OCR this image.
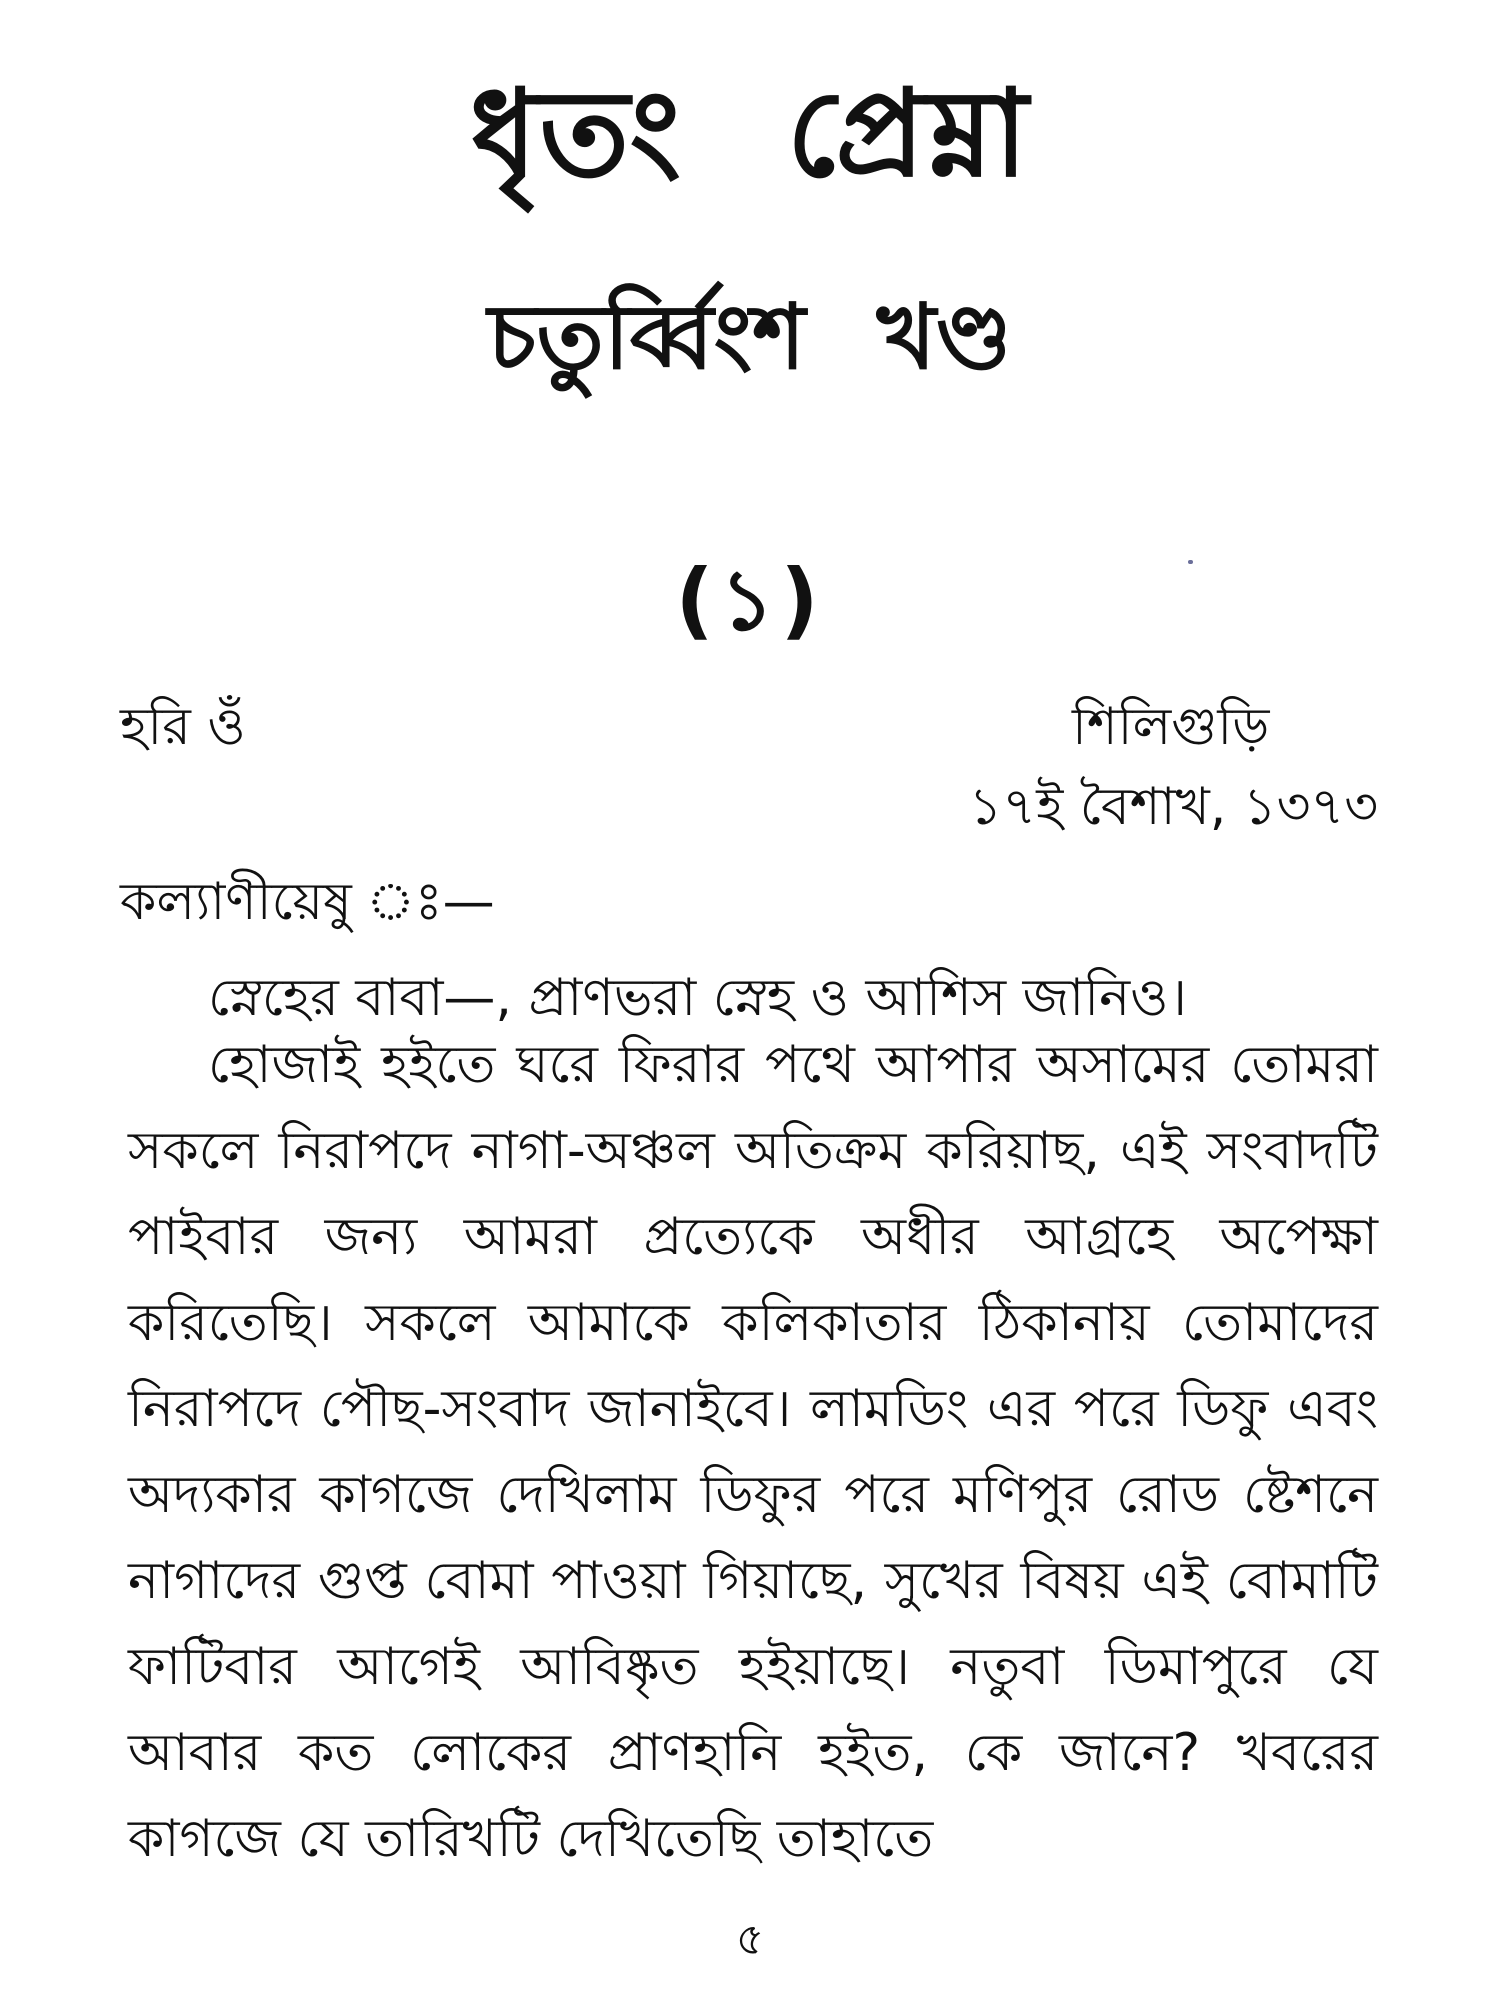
ধৃতং প্রেম্না
চতুর্ব্বিংশ খণ্ড
(১)
হরি ওঁ	শিলিগুড়ি
১৭ই বৈশাখ, ১৩৭৩
কল্যাণীয়েষু ঃ—
স্নেহের বাবা—, প্রাণভরা স্নেহ ও আশিস জানিও।
হোজাই হইতে ঘরে ফিরার পথে আপার অসামের তোমরা সকলে নিরাপদে নাগা-অঞ্চল অতিক্রম করিয়াছ, এই সংবাদটি পাইবার জন্য আমরা প্রত্যেকে অধীর আগ্রহে অপেক্ষা করিতেছি। সকলে আমাকে কলিকাতার ঠিকানায় তোমাদের নিরাপদে পৌছ-সংবাদ জানাইবে। লামডিং এর পরে ডিফু এবং অদ্যকার কাগজে দেখিলাম ডিফুর পরে মণিপুর রোড ষ্টেশনে নাগাদের গুপ্ত বোমা পাওয়া গিয়াছে, সুখের বিষয় এই বোমাটি ফাটিবার আগেই আবিষ্কৃত হইয়াছে। নতুবা ডিমাপুরে যে আবার কত লোকের প্রাণহানি হইত, কে জানে? খবরের কাগজে যে তারিখটি দেখিতেছি তাহাতে
৫
